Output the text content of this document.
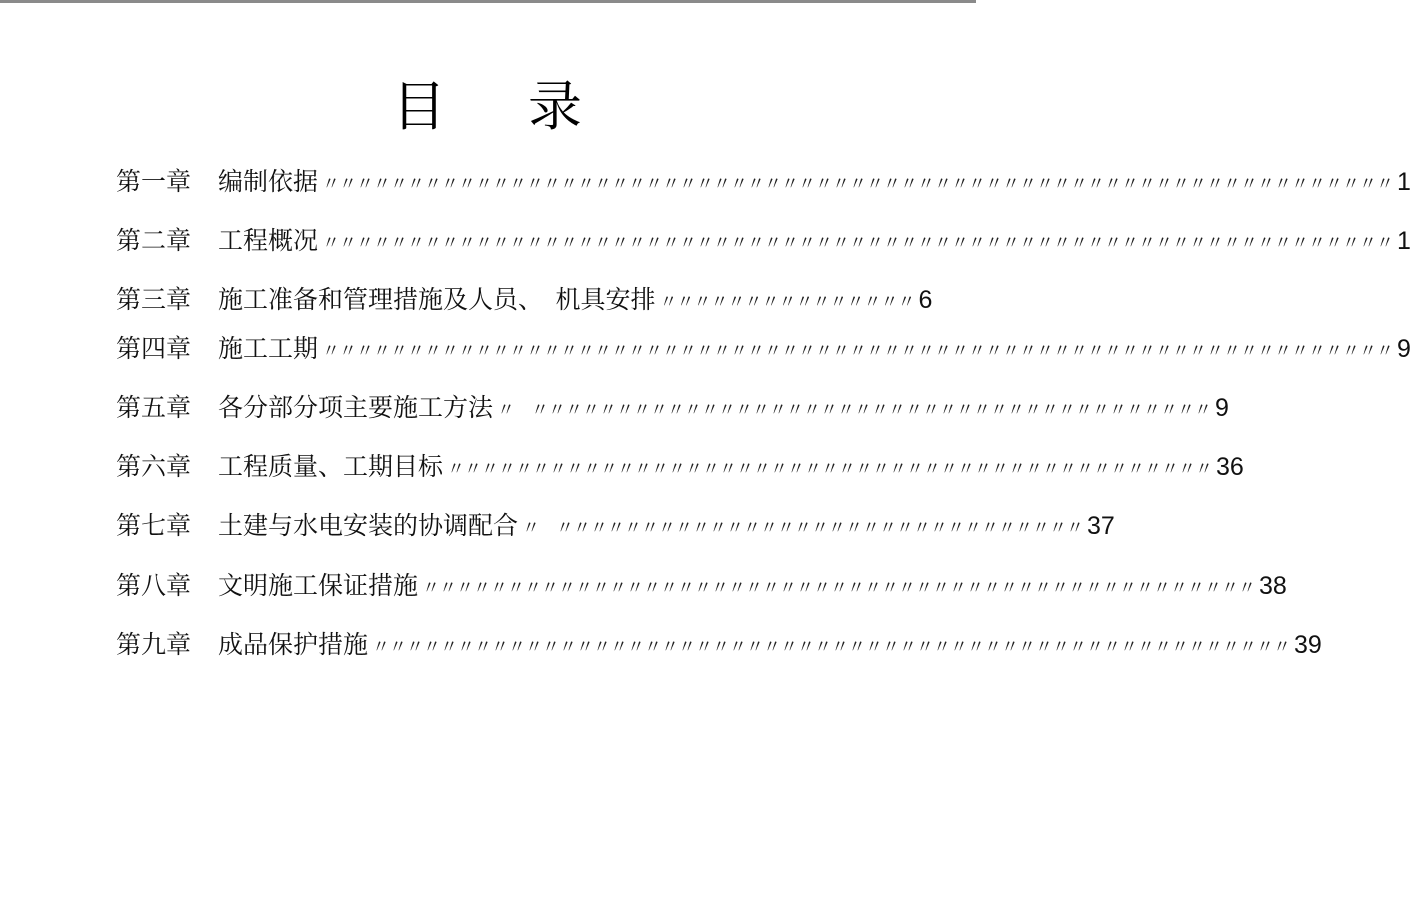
目 录
第一章	编制依据 〃〃〃〃〃〃〃〃〃〃〃〃〃〃〃〃〃〃〃〃〃〃〃〃〃〃〃〃〃〃〃〃〃〃〃〃〃〃〃〃〃〃〃〃〃〃〃〃〃〃〃〃〃〃〃〃〃〃〃〃〃〃〃 1
第二章	工程概况 〃〃〃〃〃〃〃〃〃〃〃〃〃〃〃〃〃〃〃〃〃〃〃〃〃〃〃〃〃〃〃〃〃〃〃〃〃〃〃〃〃〃〃〃〃〃〃〃〃〃〃〃〃〃〃〃〃〃〃〃〃〃〃 1
第三章	施工准备和管理措施及人员、　机具安排 〃〃〃〃〃〃〃〃〃〃〃〃〃〃〃 6
第四章	施工工期 〃〃〃〃〃〃〃〃〃〃〃〃〃〃〃〃〃〃〃〃〃〃〃〃〃〃〃〃〃〃〃〃〃〃〃〃〃〃〃〃〃〃〃〃〃〃〃〃〃〃〃〃〃〃〃〃〃〃〃〃〃〃〃 9
第五章	各分部分项主要施工方法 〃　〃〃〃〃〃〃〃〃〃〃〃〃〃〃〃〃〃〃〃〃〃〃〃〃〃〃〃〃〃〃〃〃〃〃〃〃〃〃〃〃 9
第六章	工程质量、工期目标 〃〃〃〃〃〃〃〃〃〃〃〃〃〃〃〃〃〃〃〃〃〃〃〃〃〃〃〃〃〃〃〃〃〃〃〃〃〃〃〃〃〃〃〃〃 36
第七章	土建与水电安装的协调配合 〃　〃〃〃〃〃〃〃〃〃〃〃〃〃〃〃〃〃〃〃〃〃〃〃〃〃〃〃〃〃〃〃 37
第八章	文明施工保证措施 〃〃〃〃〃〃〃〃〃〃〃〃〃〃〃〃〃〃〃〃〃〃〃〃〃〃〃〃〃〃〃〃〃〃〃〃〃〃〃〃〃〃〃〃〃〃〃〃〃 38
第九章	成品保护措施 〃〃〃〃〃〃〃〃〃〃〃〃〃〃〃〃〃〃〃〃〃〃〃〃〃〃〃〃〃〃〃〃〃〃〃〃〃〃〃〃〃〃〃〃〃〃〃〃〃〃〃〃〃〃 39
